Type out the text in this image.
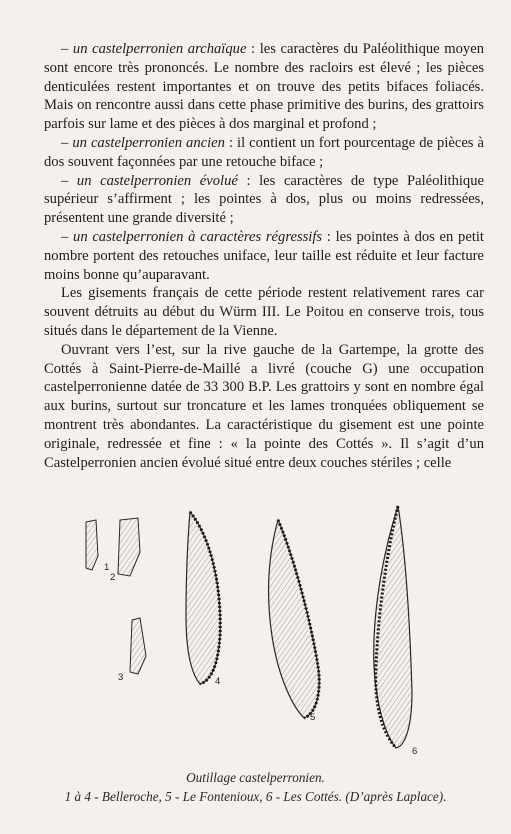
– un castelperronien archaïque : les caractères du Paléolithique moyen sont encore très prononcés. Le nombre des racloirs est élevé ; les pièces denticulées restent importantes et on trouve des petits bifaces foliacés. Mais on rencontre aussi dans cette phase primitive des burins, des grattoirs parfois sur lame et des pièces à dos marginal et profond ;

– un castelperronien ancien : il contient un fort pourcentage de pièces à dos souvent façonnées par une retouche biface ;

– un castelperronien évolué : les caractères de type Paléolithique supérieur s’affirment ; les pointes à dos, plus ou moins redressées, présentent une grande diversité ;

– un castelperronien à caractères régressifs : les pointes à dos en petit nombre portent des retouches uniface, leur taille est réduite et leur facture moins bonne qu’auparavant.

Les gisements français de cette période restent relativement rares car souvent détruits au début du Würm III. Le Poitou en conserve trois, tous situés dans le département de la Vienne.

Ouvrant vers l’est, sur la rive gauche de la Gartempe, la grotte des Cottés à Saint-Pierre-de-Maillé a livré (couche G) une occupation castelperronienne datée de 33 300 B.P. Les grattoirs y sont en nombre égal aux burins, surtout sur troncature et les lames tronquées obliquement se montrent très abondantes. La caractéristique du gisement est une pointe originale, redressée et fine : « la pointe des Cottés ». Il s’agit d’un Castelperronien ancien évolué situé entre deux couches stériles ; celle

1
2
3	4
5
6
Outillage castelperronien.
1 à 4 - Belleroche, 5 - Le Fontenioux, 6 - Les Cottés. (D’après Laplace).
